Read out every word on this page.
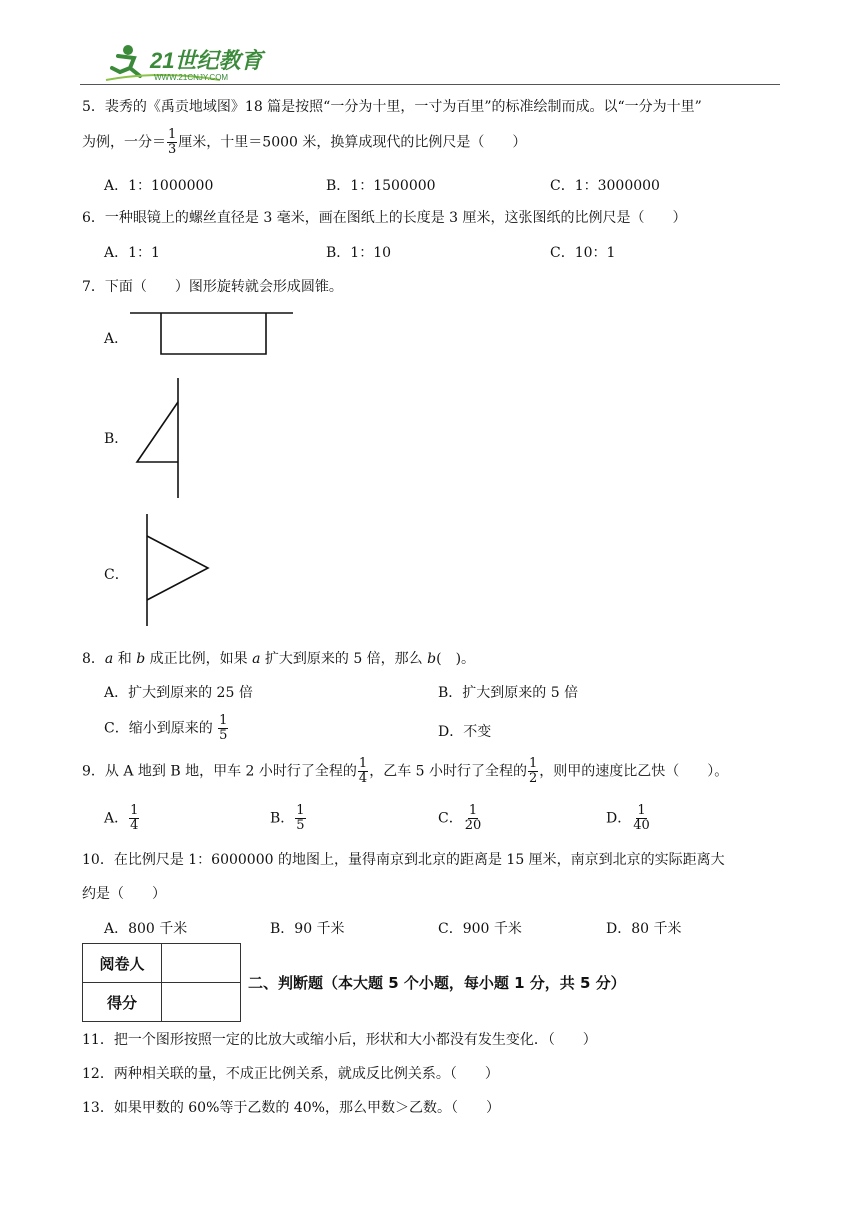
21世纪教育
WWW.21CNJY.COM
5．裴秀的《禹贡地域图》18 篇是按照“一分为十里，一寸为百里”的标准绘制而成。以“一分为十里”
为例，一分＝ $\frac{1}{3}$ 厘米，十里＝5000 米，换算成现代的比例尺是（　　）
A．1：1000000	B．1：1500000	C．1：3000000
6．一种眼镜上的螺丝直径是 3 毫米，画在图纸上的长度是 3 厘米，这张图纸的比例尺是（　　）
A．1：1	B．1：10	C．10：1
7．下面（　　）图形旋转就会形成圆锥。
A．
B．
C．
8．a 和 b 成正比例，如果 a 扩大到原来的 5 倍，那么 b(　)。
A．扩大到原来的 25 倍	B．扩大到原来的 5 倍
C．缩小到原来的 $\frac{1}{5}$	D．不变
9．从 A 地到 B 地，甲车 2 小时行了全程的 $\frac{1}{4}$ ，乙车 5 小时行了全程的 $\frac{1}{2}$ ，则甲的速度比乙快（　　）。
A． $\frac{1}{4}$	B． $\frac{1}{5}$	C． $\frac{1}{20}$	D． $\frac{1}{40}$
10．在比例尺是 1：6000000 的地图上，量得南京到北京的距离是 15 厘米，南京到北京的实际距离大
约是（　　）
A．800 千米	B．90 千米	C．900 千米	D．80 千米
阅卷人	
得分	
二、判断题（本大题 5 个小题，每小题 1 分，共 5 分）
11．把一个图形按照一定的比放大或缩小后，形状和大小都没有发生变化．（　　）
12．两种相关联的量，不成正比例关系，就成反比例关系。（　　）
13．如果甲数的 60%等于乙数的 40%，那么甲数＞乙数。（　　）
